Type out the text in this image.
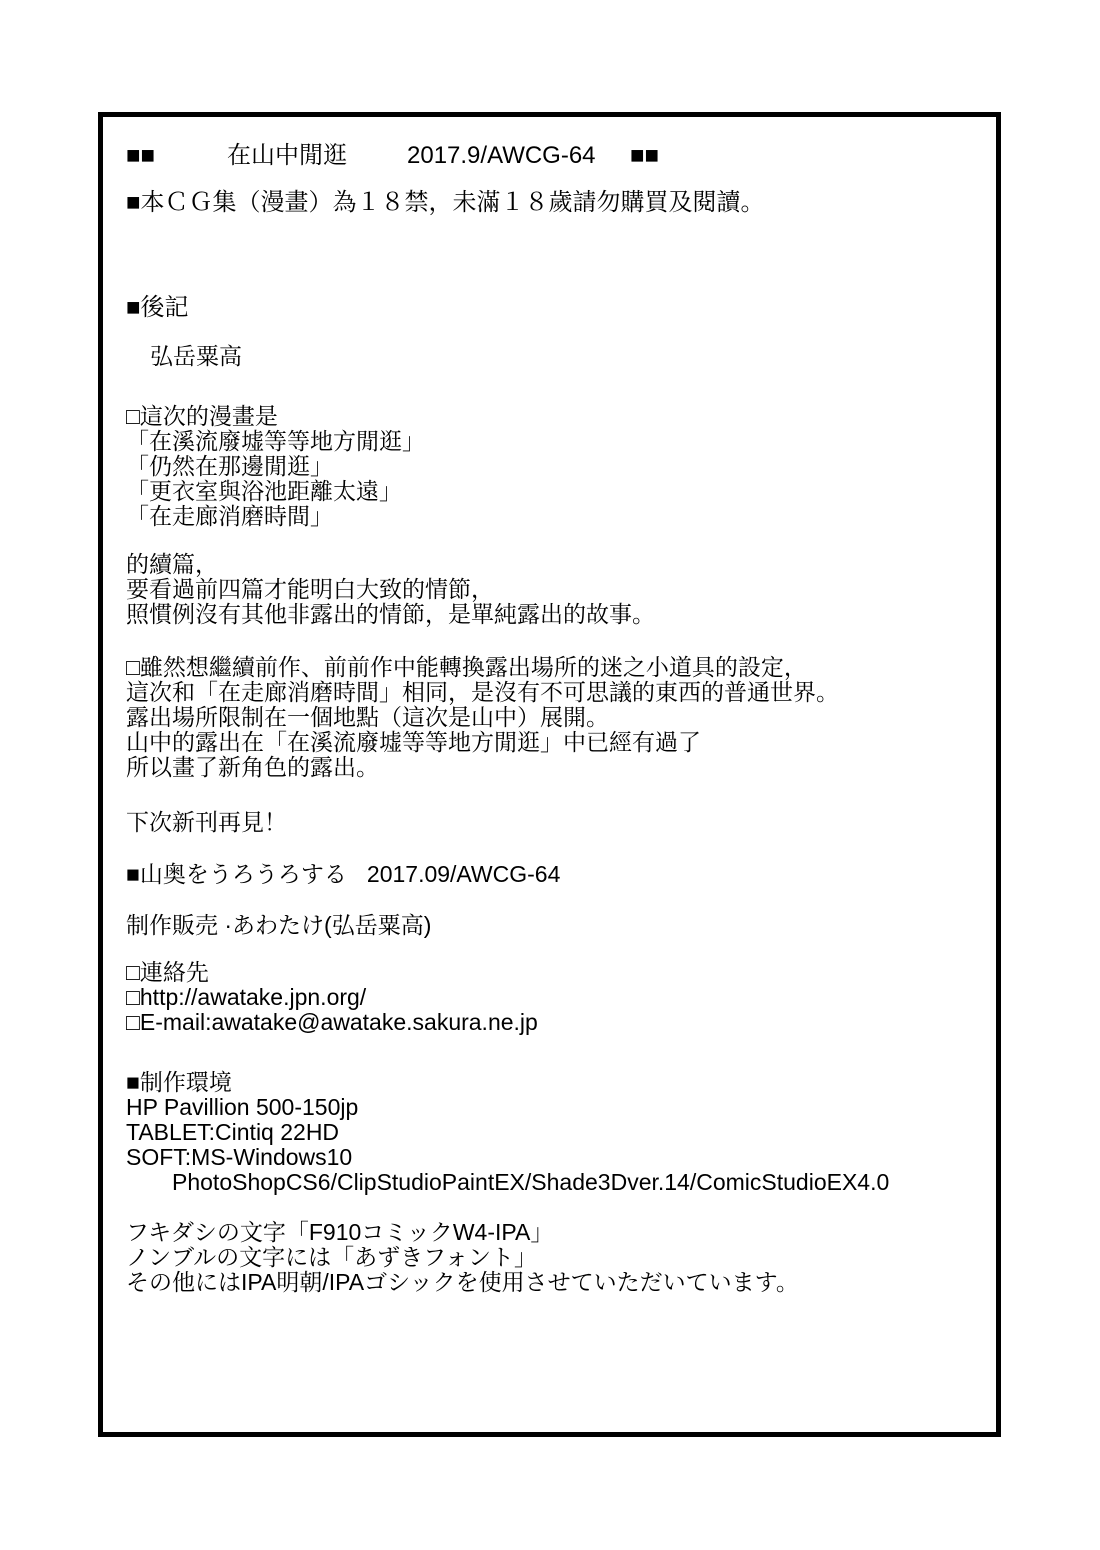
■■	在山中閒逛	2017.9/AWCG-64 ■■
■本ＣＧ集（漫畫）為１８禁，未滿１８歲請勿購買及閱讀。
■後記
弘岳粟高
□這次的漫畫是
「在溪流廢墟等等地方閒逛」
「仍然在那邊閒逛」
「更衣室與浴池距離太遠」
「在走廊消磨時間」
的續篇，
要看過前四篇才能明白大致的情節，
照慣例沒有其他非露出的情節，是單純露出的故事。
□雖然想繼續前作、前前作中能轉換露出場所的迷之小道具的設定，
這次和「在走廊消磨時間」相同，是沒有不可思議的東西的普通世界。
露出場所限制在一個地點（這次是山中）展開。
山中的露出在「在溪流廢墟等等地方閒逛」中已經有過了
所以畫了新角色的露出。
下次新刊再見！
■山奥をうろうろする 2017.09/AWCG-64
制作販売 ·あわたけ(弘岳粟高)
□連絡先
□http://awatake.jpn.org/
□E-mail:awatake@awatake.sakura.ne.jp
■制作環境
HP Pavillion 500-150jp
TABLET:Cintiq 22HD
SOFT:MS-Windows10
　　PhotoShopCS6/ClipStudioPaintEX/Shade3Dver.14/ComicStudioEX4.0
フキダシの文字「F910コミックW4-IPA」
ノンブルの文字には「あずきフォント」
その他にはIPA明朝/IPAゴシックを使用させていただいています。
